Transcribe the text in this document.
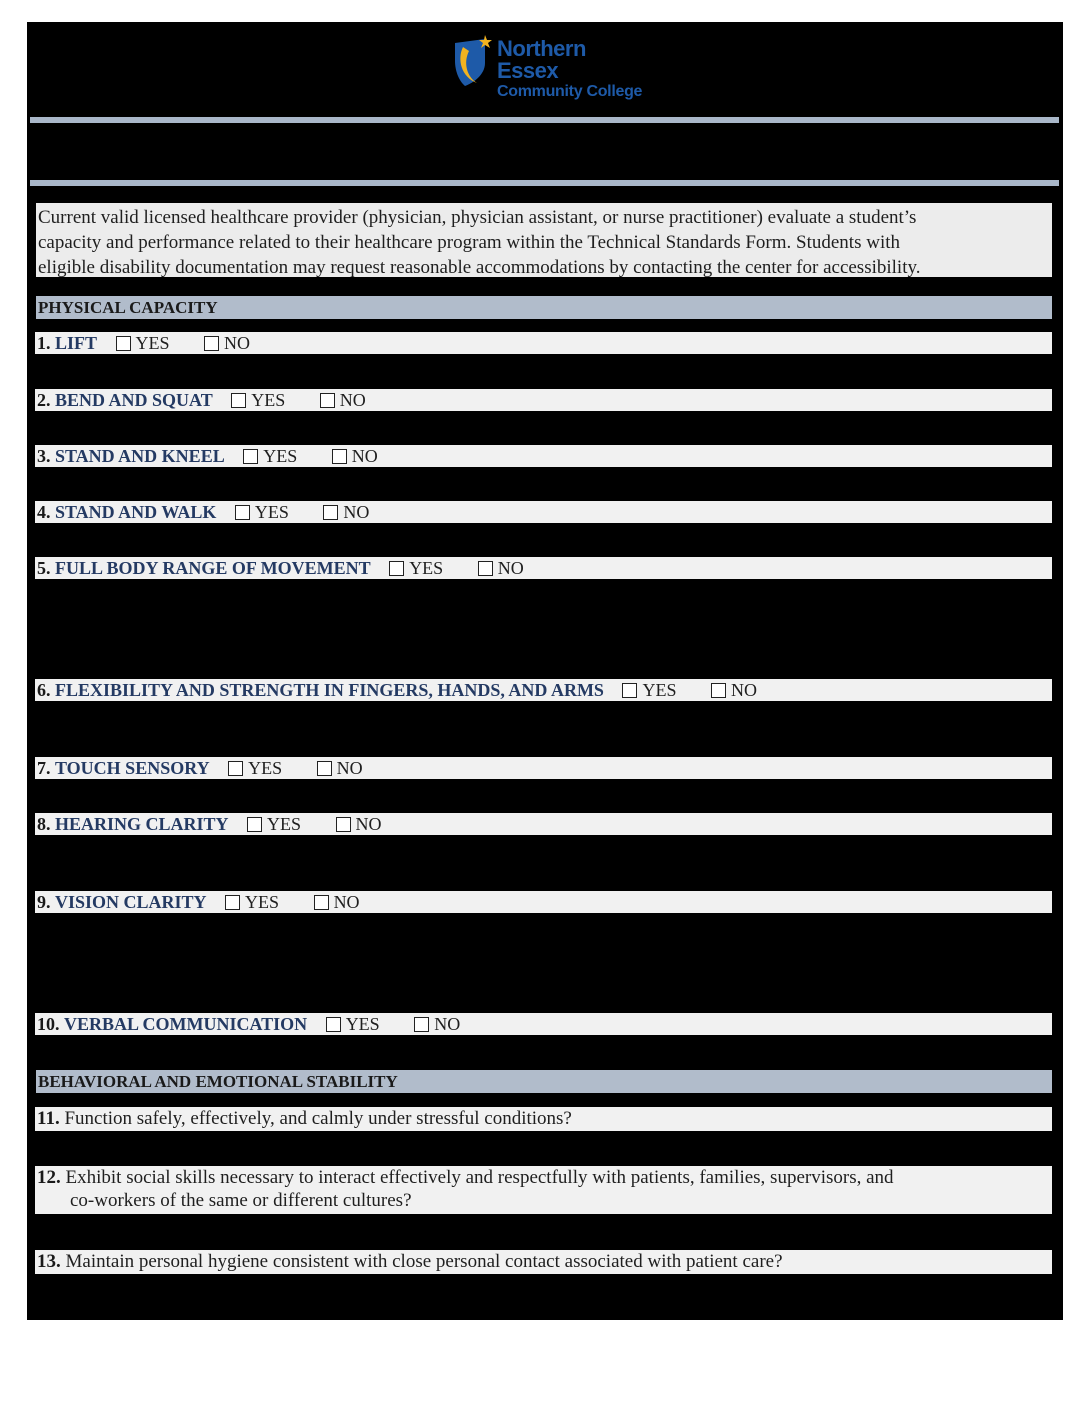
Northern Essex
Community College
Current valid licensed healthcare provider (physician, physician assistant, or nurse practitioner) evaluate a student’s
capacity and performance related to their healthcare program within the Technical Standards Form. Students with
eligible disability documentation may request reasonable accommodations by contacting the center for accessibility.
PHYSICAL CAPACITY
1. LIFT YES	NO
2. BEND AND SQUAT YES	NO
3. STAND AND KNEEL YES	NO
4. STAND AND WALK YES	NO
5. FULL BODY RANGE OF MOVEMENT YES	NO
6. FLEXIBILITY AND STRENGTH IN FINGERS, HANDS, AND ARMS YES	NO
7. TOUCH SENSORY YES	NO
8. HEARING CLARITY YES	NO
9. VISION CLARITY YES	NO
10. VERBAL COMMUNICATION YES	NO
BEHAVIORAL AND EMOTIONAL STABILITY
11. Function safely, effectively, and calmly under stressful conditions?
12. Exhibit social skills necessary to interact effectively and respectfully with patients, families, supervisors, and
co-workers of the same or different cultures?
13. Maintain personal hygiene consistent with close personal contact associated with patient care?
